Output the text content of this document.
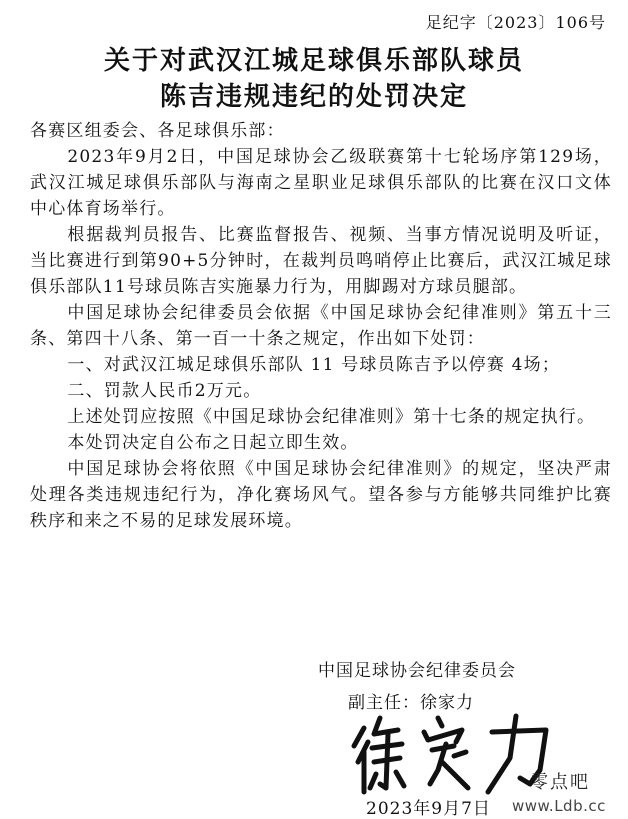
足纪字〔2023〕106号
关于对武汉江城足球俱乐部队球员
陈吉违规违纪的处罚决定

各赛区组委会、各足球俱乐部：

2023年9月2日，中国足球协会乙级联赛第十七轮场序第129场，武汉江城足球俱乐部队与海南之星职业足球俱乐部队的比赛在汉口文体中心体育场举行。

根据裁判员报告、比赛监督报告、视频、当事方情况说明及听证，当比赛进行到第90+5分钟时，在裁判员鸣哨停止比赛后，武汉江城足球俱乐部队11号球员陈吉实施暴力行为，用脚踢对方球员腿部。

中国足球协会纪律委员会依据《中国足球协会纪律准则》第五十三条、第四十八条、第一百一十条之规定，作出如下处罚：

一、对武汉江城足球俱乐部队 11 号球员陈吉予以停赛 4场；

二、罚款人民币2万元。

上述处罚应按照《中国足球协会纪律准则》第十七条的规定执行。

本处罚决定自公布之日起立即生效。

中国足球协会将依照《中国足球协会纪律准则》的规定，坚决严肃处理各类违规违纪行为，净化赛场风气。望各参与方能够共同维护比赛秩序和来之不易的足球发展环境。

中国足球协会纪律委员会
副主任：徐家力
零点吧
2023年9月7日 www.Ldb.cc
